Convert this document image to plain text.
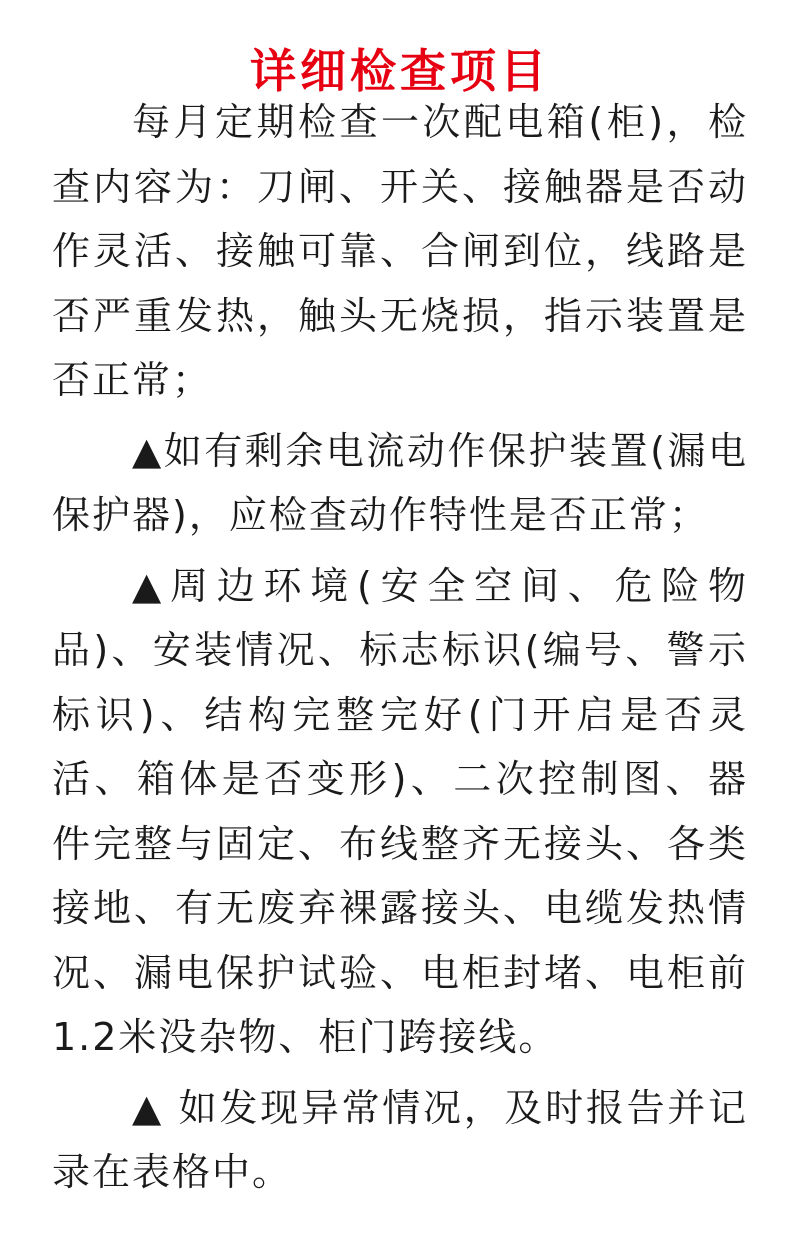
详细检查项目

每月定期检查一次配电箱(柜)，检查内容为：刀闸、开关、接触器是否动作灵活、接触可靠、合闸到位，线路是否严重发热，触头无烧损，指示装置是否正常；

▲如有剩余电流动作保护装置(漏电保护器)，应检查动作特性是否正常；

▲周边环境(安全空间、危险物品)、安装情况、标志标识(编号、警示标识)、结构完整完好(门开启是否灵活、箱体是否变形)、二次控制图、器件完整与固定、布线整齐无接头、各类接地、有无废弃裸露接头、电缆发热情况、漏电保护试验、电柜封堵、电柜前1.2米没杂物、柜门跨接线。

▲ 如发现异常情况，及时报告并记录在表格中。
